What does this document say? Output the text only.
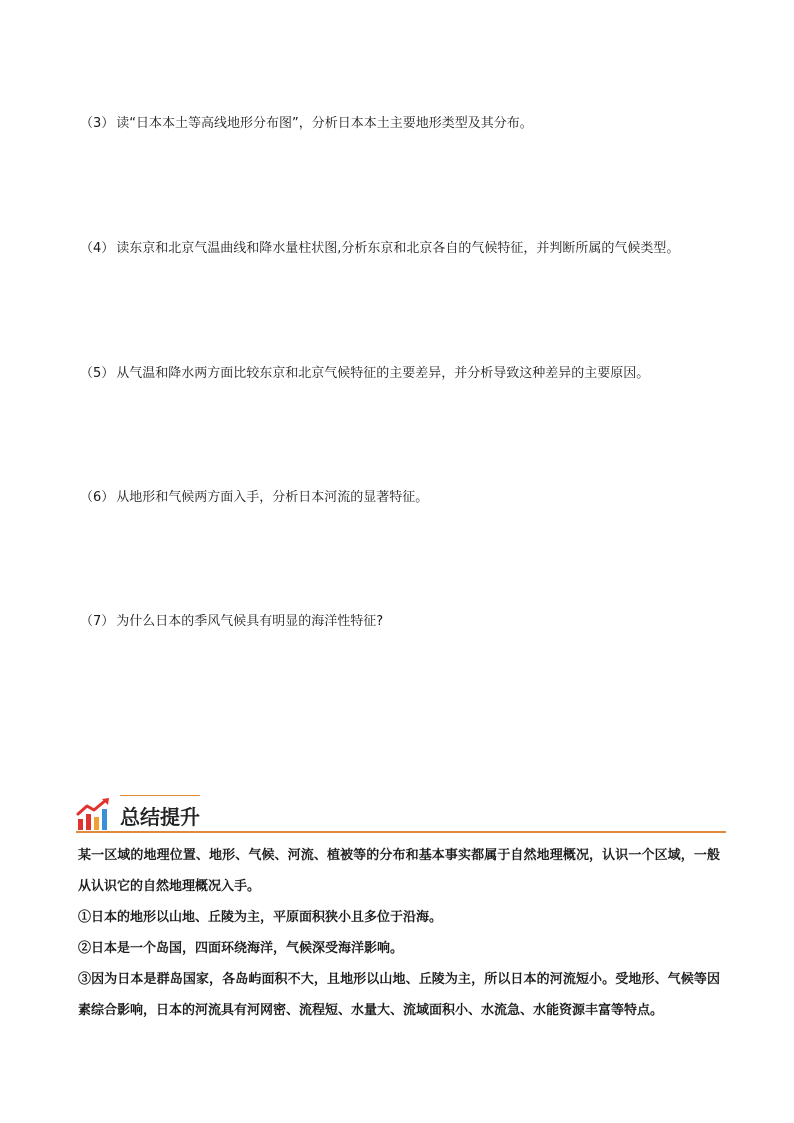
（3） 读“日本本土等高线地形分布图”，分析日本本土主要地形类型及其分布。
（4） 读东京和北京气温曲线和降水量柱状图,分析东京和北京各自的气候特征，并判断所属的气候类型。
（5） 从气温和降水两方面比较东京和北京气候特征的主要差异，并分析导致这种差异的主要原因。
（6） 从地形和气候两方面入手，分析日本河流的显著特征。
（7） 为什么日本的季风气候具有明显的海洋性特征?
总结提升

某一区域的地理位置、地形、气候、河流、植被等的分布和基本事实都属于自然地理概况，认识一个区域，一般从认识它的自然地理概况入手。

①日本的地形以山地、丘陵为主，平原面积狭小且多位于沿海。

②日本是一个岛国，四面环绕海洋，气候深受海洋影响。

③因为日本是群岛国家，各岛屿面积不大，且地形以山地、丘陵为主，所以日本的河流短小。受地形、气候等因素综合影响，日本的河流具有河网密、流程短、水量大、流域面积小、水流急、水能资源丰富等特点。
